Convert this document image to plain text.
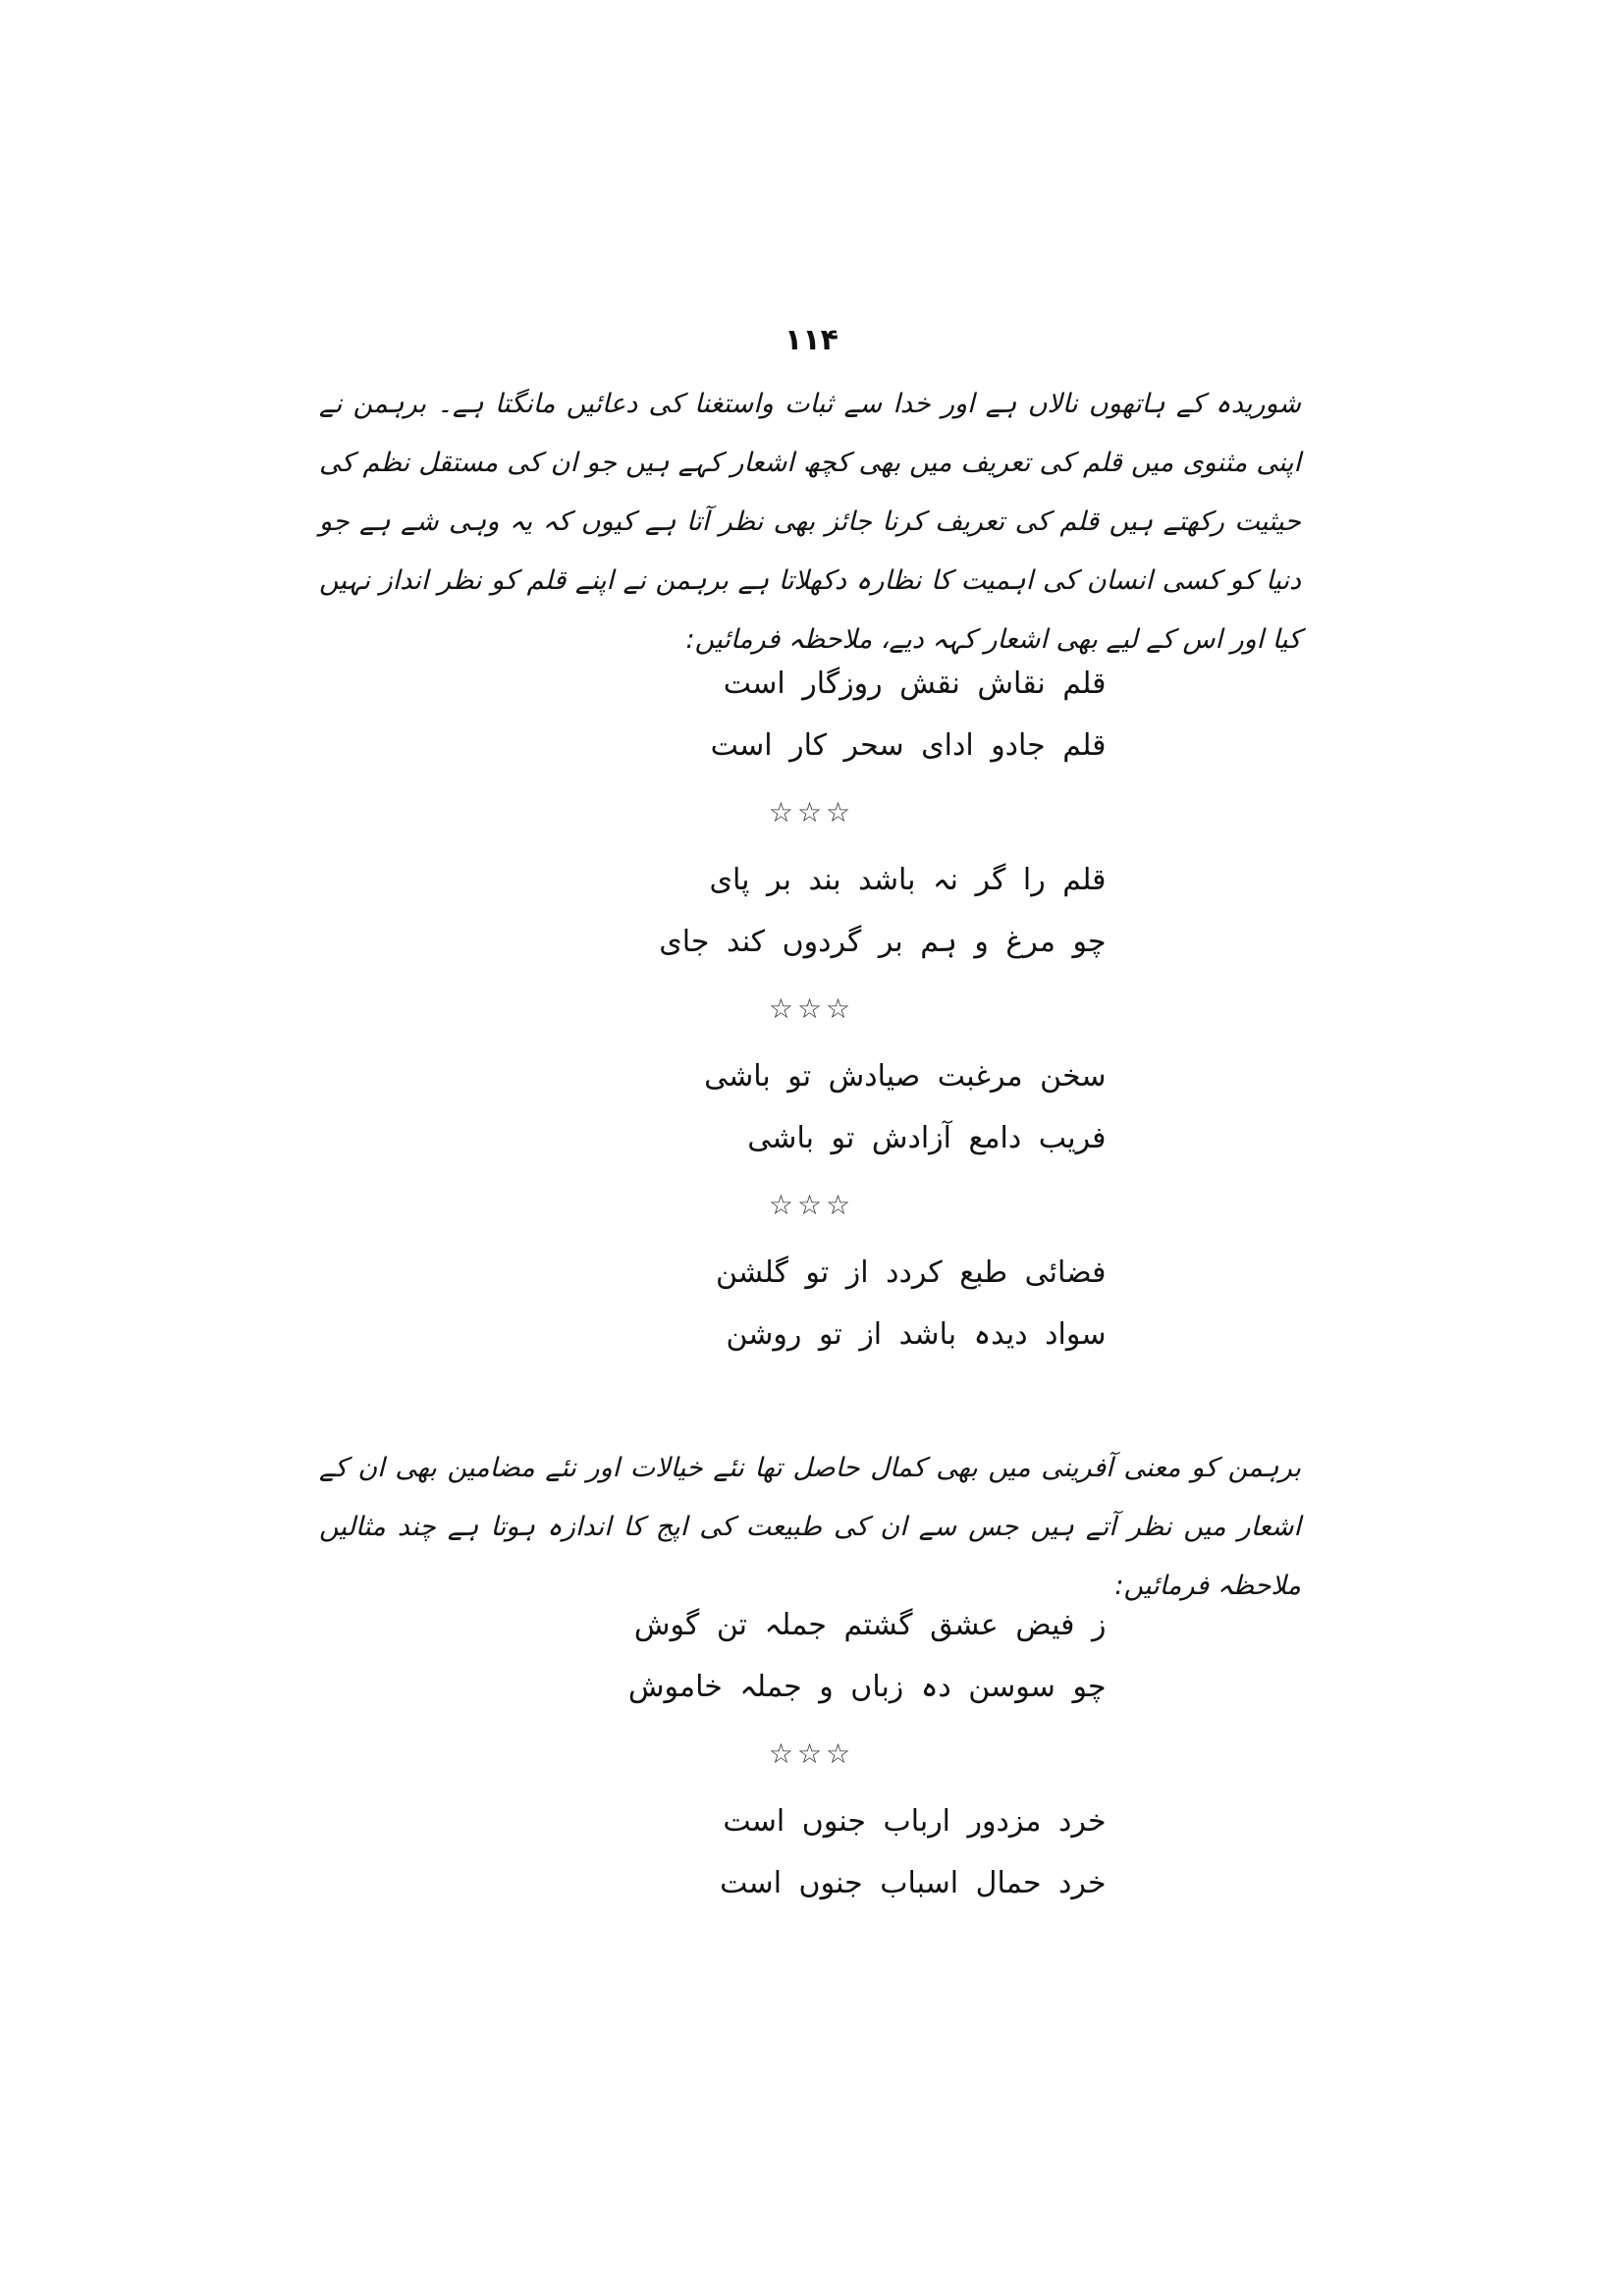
۱۱۴
شوریدہ کے ہاتھوں نالاں ہے اور خدا سے ثبات واستغنا کی دعائیں مانگتا ہے۔ برہمن نے اپنی مثنوی میں قلم کی تعریف میں بھی کچھ اشعار کہے ہیں جو ان کی مستقل نظم کی حیثیت رکھتے ہیں قلم کی تعریف کرنا جائز بھی نظر آتا ہے کیوں کہ یہ وہی شے ہے جو دنیا کو کسی انسان کی اہمیت کا نظارہ دکھلاتا ہے برہمن نے اپنے قلم کو نظر انداز نہیں کیا اور اس کے لیے بھی اشعار کہہ دیے، ملاحظہ فرمائیں:
قلم نقاش نقش روزگار است
قلم جادو ادای سحر کار است
☆☆☆
قلم را گر نہ باشد بند بر پای
چو مرغ و ہم بر گردوں کند جای
☆☆☆
سخن مرغبت صیادش تو باشی
فریب دامع آزادش تو باشی
☆☆☆
فضائی طبع کردد از تو گلشن
سواد دیدہ باشد از تو روشن
برہمن کو معنی آفرینی میں بھی کمال حاصل تھا نئے خیالات اور نئے مضامین بھی ان کے اشعار میں نظر آتے ہیں جس سے ان کی طبیعت کی اپج کا اندازہ ہوتا ہے چند مثالیں ملاحظہ فرمائیں:
ز فیض عشق گشتم جملہ تن گوش
چو سوسن دہ زباں و جملہ خاموش
☆☆☆
خرد مزدور ارباب جنوں است
خرد حمال اسباب جنوں است
